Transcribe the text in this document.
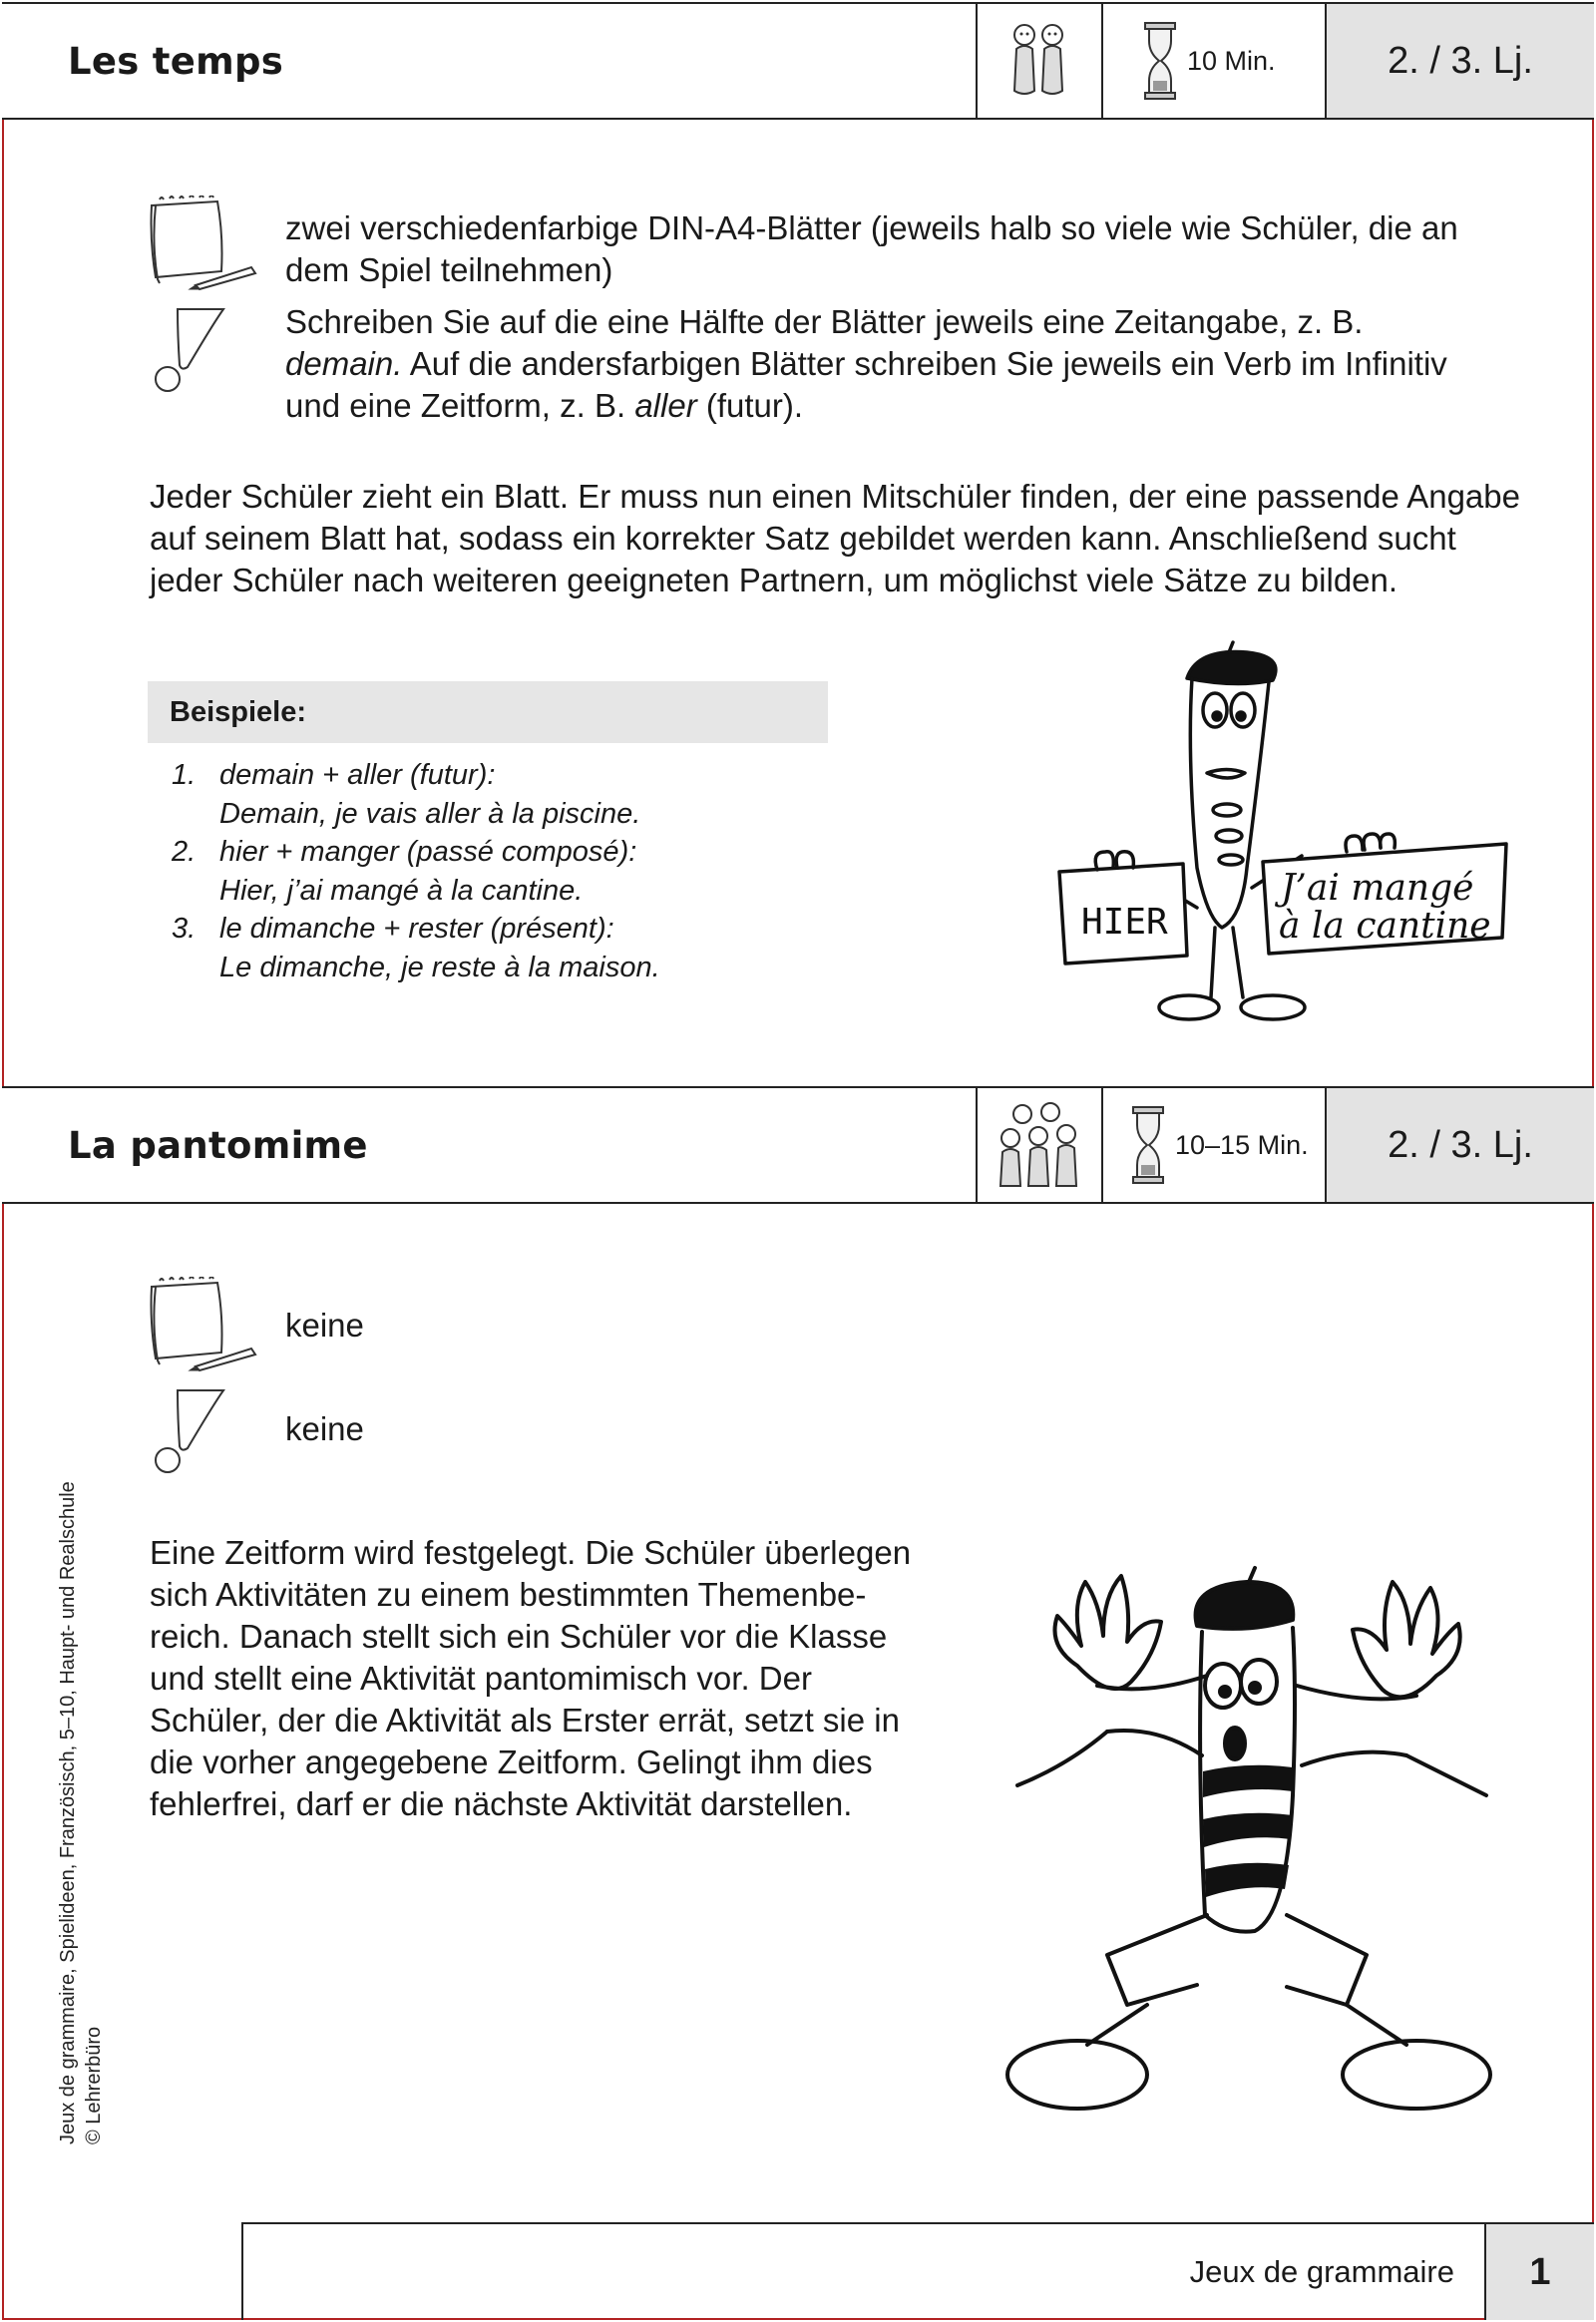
Les temps	10 Min.	2. / 3. Lj.
zwei verschiedenfarbige DIN-A4-Blätter (jeweils halb so viele wie Schüler, die an dem Spiel teilnehmen)
Schreiben Sie auf die eine Hälfte der Blätter jeweils eine Zeitangabe, z. B.
demain. Auf die andersfarbigen Blätter schreiben Sie jeweils ein Verb im Infinitiv
und eine Zeitform, z. B. aller (futur).
Jeder Schüler zieht ein Blatt. Er muss nun einen Mitschüler finden, der eine passende Angabe auf seinem Blatt hat, sodass ein korrekter Satz gebildet werden kann. Anschließend sucht jeder Schüler nach weiteren geeigneten Partnern, um möglichst viele Sätze zu bilden.
Beispiele:
1. demain + aller (futur):
Demain, je vais aller à la piscine.
2. hier + manger (passé composé):
Hier, j’ai mangé à la cantine.
3. le dimanche + rester (présent):
Le dimanche, je reste à la maison.
HIER
J’ai mangé
à la cantine
La pantomime	10–15 Min.	2. / 3. Lj.
keine
keine
Eine Zeitform wird festgelegt. Die Schüler überlegen
sich Aktivitäten zu einem bestimmten Themenbe-
reich. Danach stellt sich ein Schüler vor die Klasse
und stellt eine Aktivität pantomimisch vor. Der
Schüler, der die Aktivität als Erster errät, setzt sie in
die vorher angegebene Zeitform. Gelingt ihm dies
fehlerfrei, darf er die nächste Aktivität darstellen.
Jeux de grammaire, Spielideen, Französisch, 5–10, Haupt- und Realschule © Lehrerbüro
Jeux de grammaire	1
